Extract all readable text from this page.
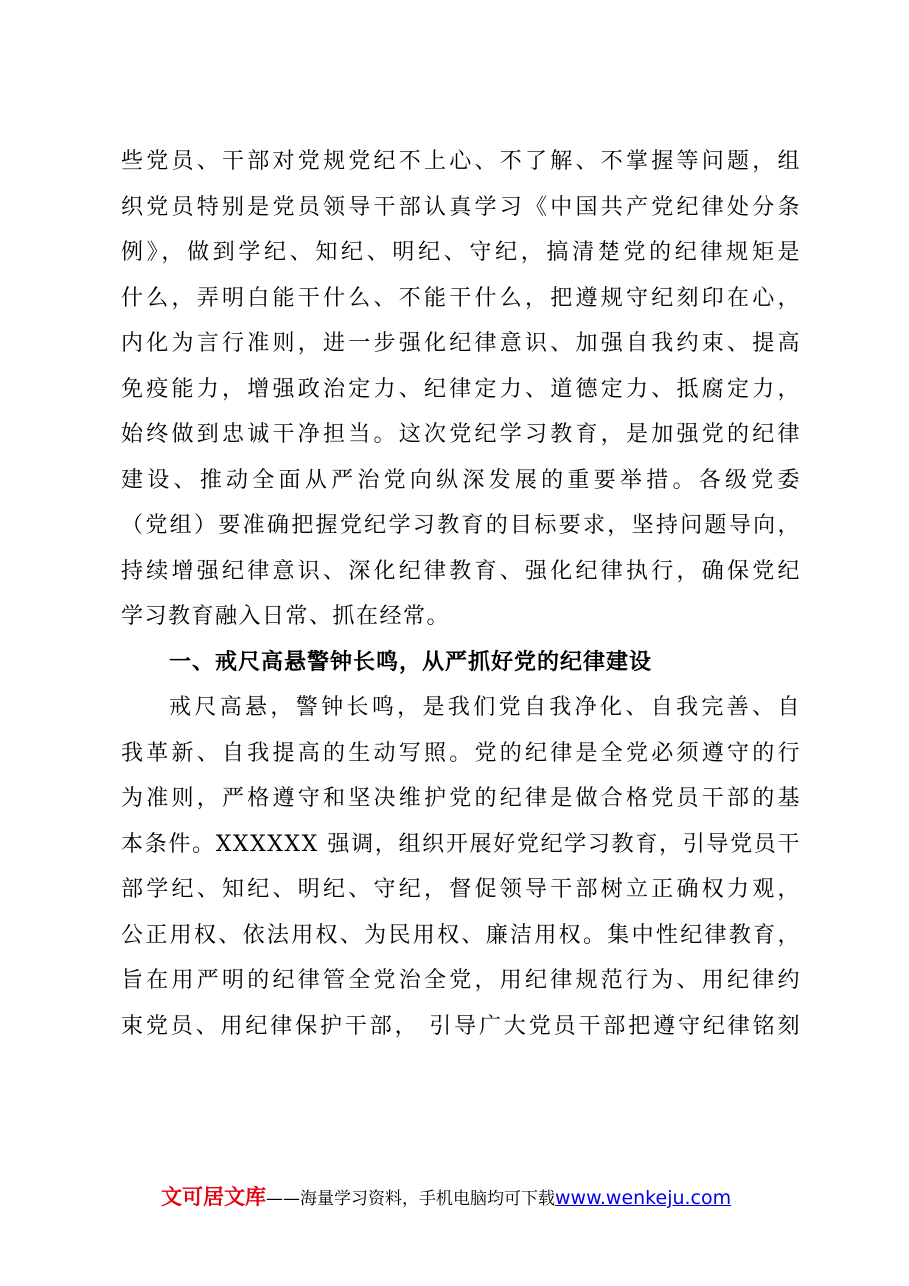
些党员、干部对党规党纪不上心、不了解、不掌握等问题，组
织党员特别是党员领导干部认真学习《中国共产党纪律处分条
例》，做到学纪、知纪、明纪、守纪，搞清楚党的纪律规矩是
什么，弄明白能干什么、不能干什么，把遵规守纪刻印在心，
内化为言行准则，进一步强化纪律意识、加强自我约束、提高
免疫能力，增强政治定力、纪律定力、道德定力、抵腐定力，
始终做到忠诚干净担当。这次党纪学习教育，是加强党的纪律
建设、推动全面从严治党向纵深发展的重要举措。各级党委
（党组）要准确把握党纪学习教育的目标要求，坚持问题导向，
持续增强纪律意识、深化纪律教育、强化纪律执行，确保党纪
学习教育融入日常、抓在经常。
一、戒尺高悬警钟长鸣，从严抓好党的纪律建设
戒尺高悬，警钟长鸣，是我们党自我净化、自我完善、自
我革新、自我提高的生动写照。党的纪律是全党必须遵守的行
为准则，严格遵守和坚决维护党的纪律是做合格党员干部的基
本条件。XXXXXX 强调，组织开展好党纪学习教育，引导党员干
部学纪、知纪、明纪、守纪，督促领导干部树立正确权力观，
公正用权、依法用权、为民用权、廉洁用权。集中性纪律教育，
旨在用严明的纪律管全党治全党，用纪律规范行为、用纪律约
束党员、用纪律保护干部， 引导广大党员干部把遵守纪律铭刻
文可居文库——海量学习资料，手机电脑均可下载www.wenkeju.com
